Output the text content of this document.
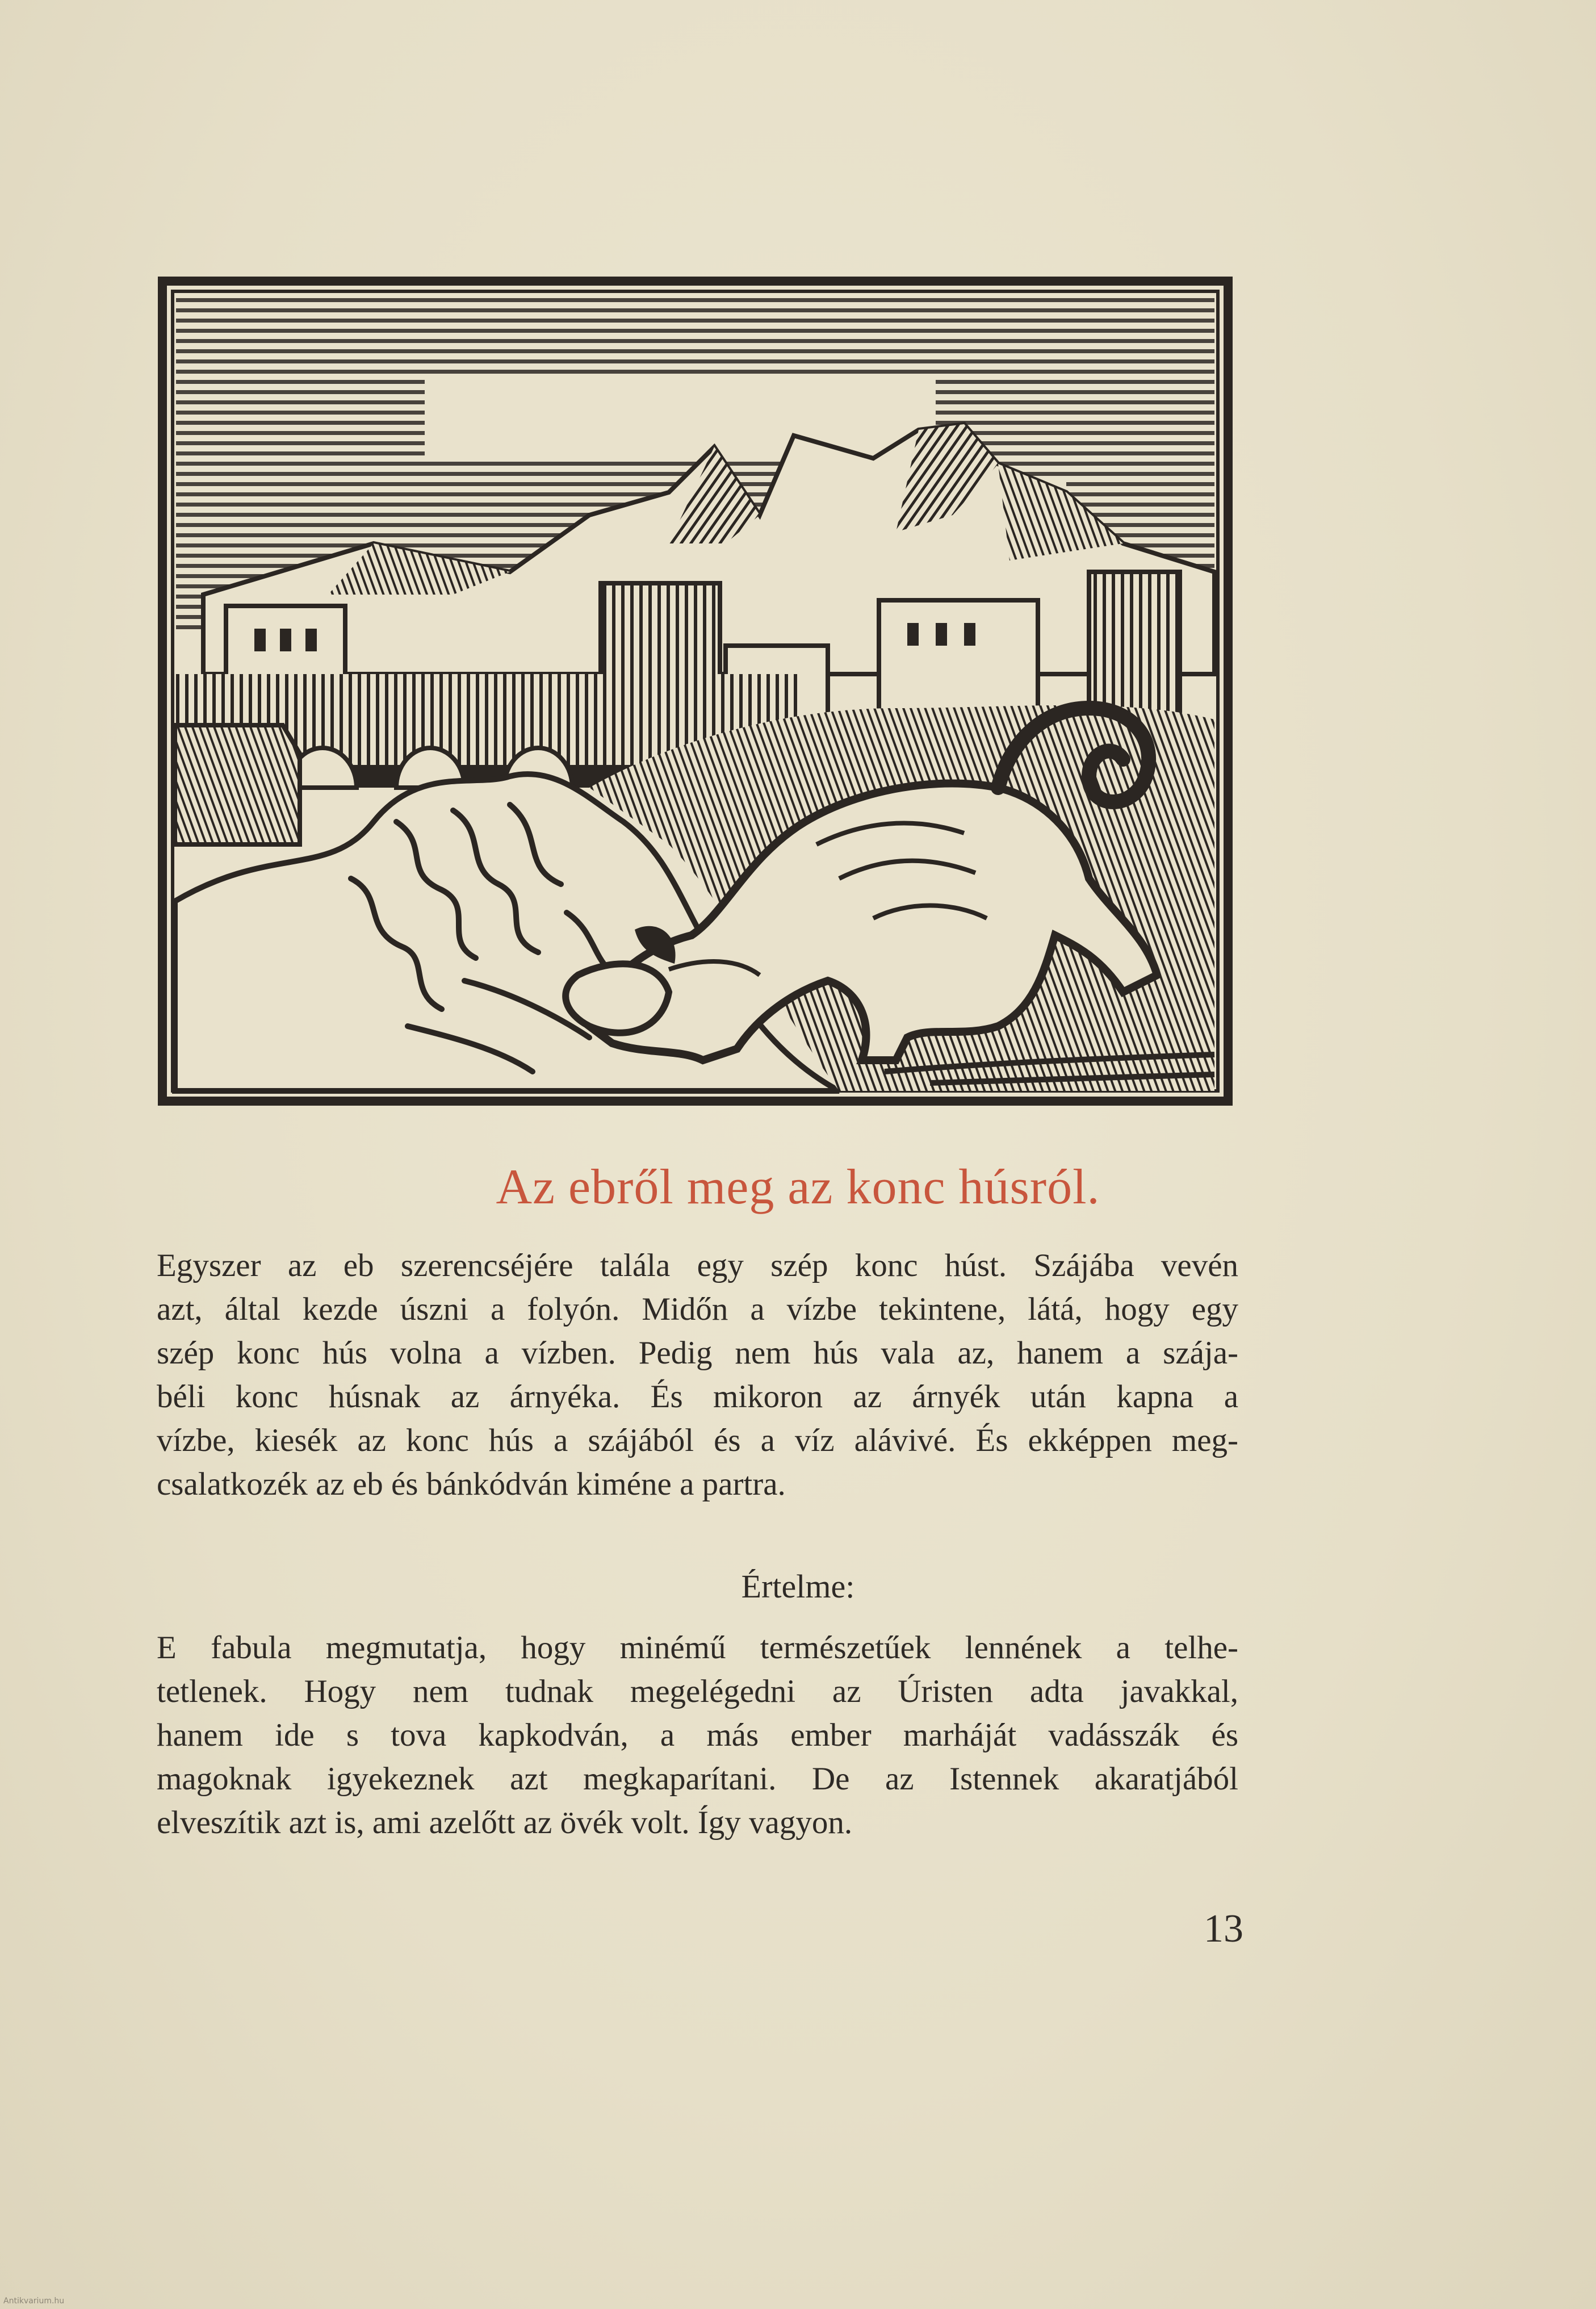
Az ebről meg az konc húsról.
Egyszer az eb szerencséjére talála egy szép konc húst. Szájába vevén
azt, által kezde úszni a folyón. Midőn a vízbe tekintene, látá, hogy egy
szép konc hús volna a vízben. Pedig nem hús vala az, hanem a szája-
béli konc húsnak az árnyéka. És mikoron az árnyék után kapna a
vízbe, kiesék az konc hús a szájából és a víz alávivé. És ekképpen meg-
csalatkozék az eb és bánkódván kiméne a partra.
Értelme:
E fabula megmutatja, hogy minémű természetűek lennének a telhe-
tetlenek. Hogy nem tudnak megelégedni az Úristen adta javakkal,
hanem ide s tova kapkodván, a más ember marháját vadásszák és
magoknak igyekeznek azt megkaparítani. De az Istennek akaratjából
elveszítik azt is, ami azelőtt az övék volt. Így vagyon.

13

Antikvarium.hu
